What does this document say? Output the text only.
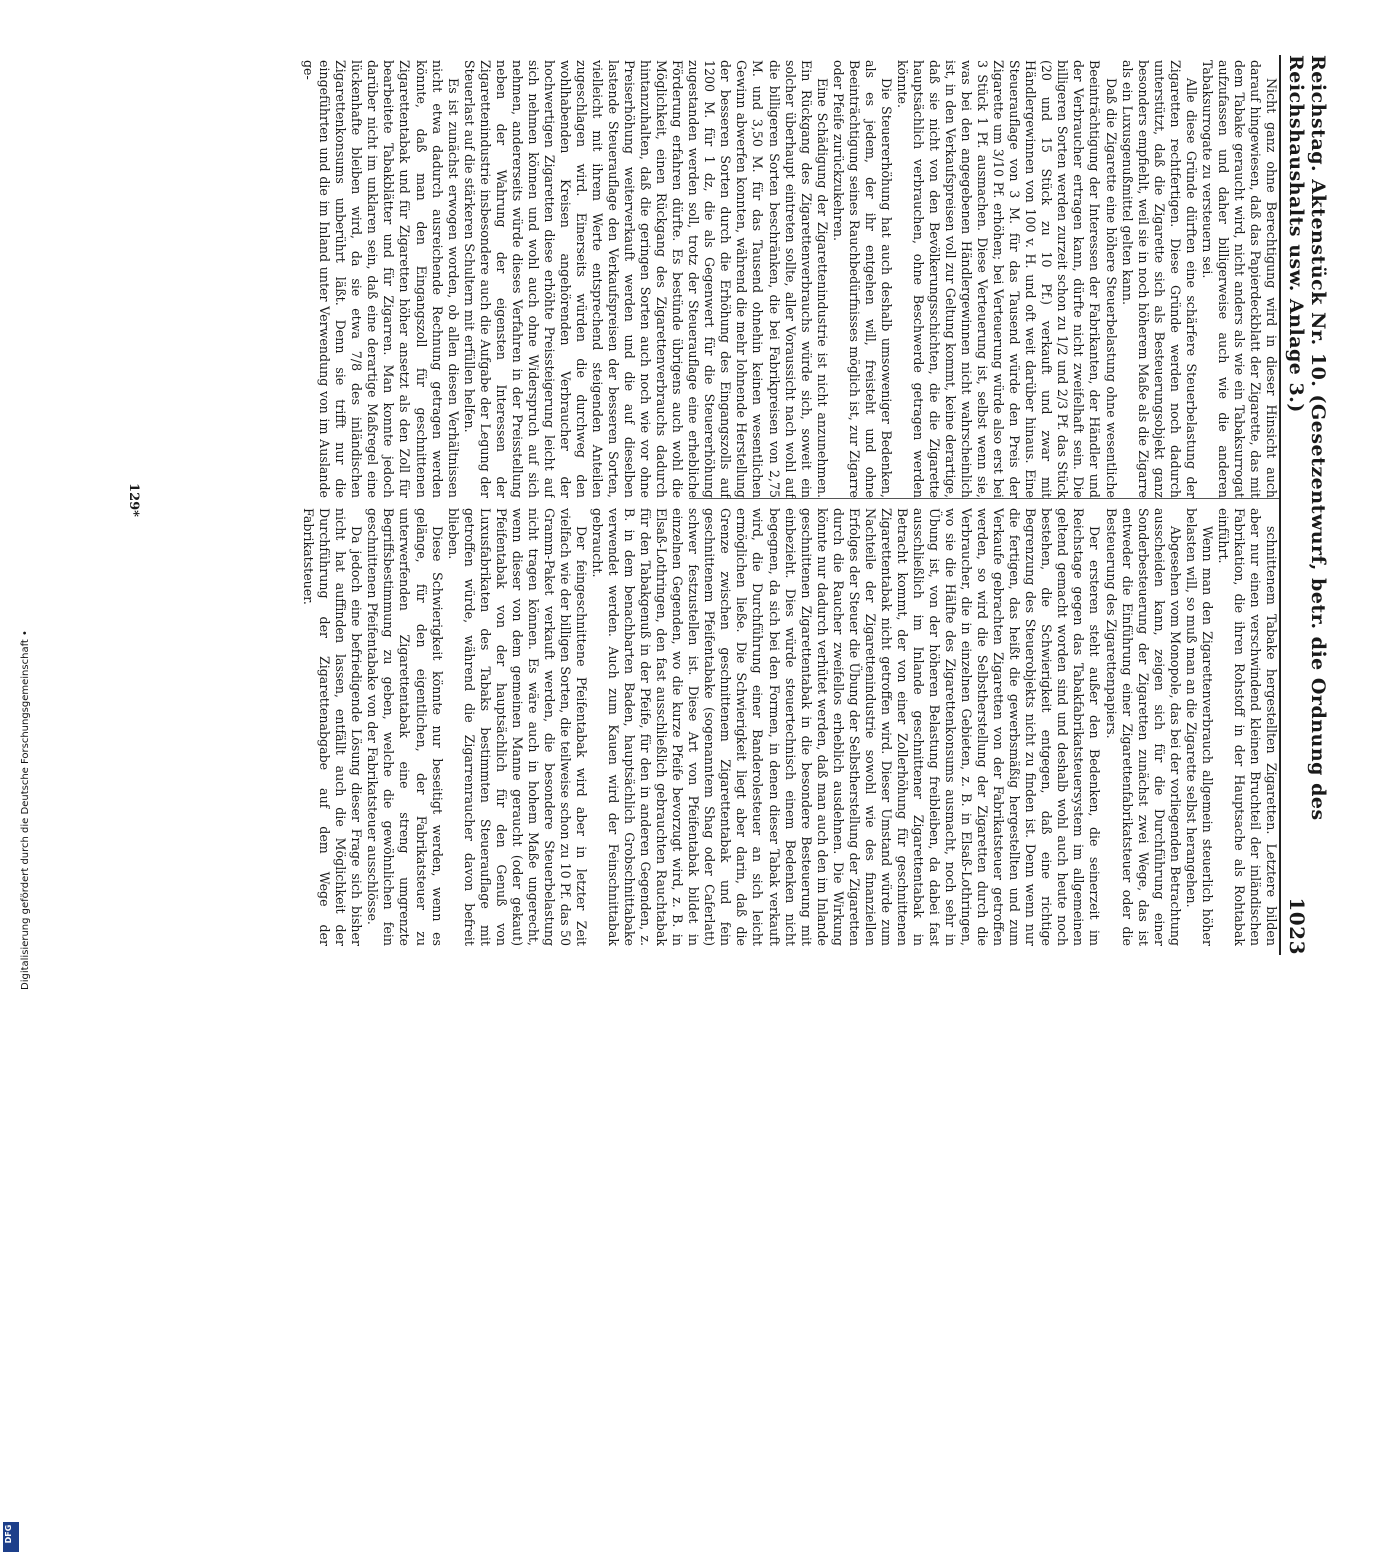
Reichstag. Aktenstück Nr. 10. (Gesetzentwurf, betr. die Ordnung des Reichshaushalts usw. Anlage 3.)
1023

Nicht ganz ohne Berechtigung wird in dieser Hinsicht auch darauf hingewiesen, daß das Papierdeckblatt der Zigarette, das mit dem Tabake geraucht wird, nicht anders als wie ein Tabaksurrogat aufzufassen und daher billigerweise auch wie die anderen Tabaksurrogate zu versteuern sei.

Alle diese Gründe dürften eine schärfere Steuerbelastung der Zigaretten rechtfertigen. Diese Gründe werden noch dadurch unterstützt, daß die Zigarette sich als Besteuerungsobjekt ganz besonders empfiehlt, weil sie in noch höherem Maße als die Zigarre als ein Luxusgenußmittel gelten kann.

Daß die Zigarette eine höhere Steuerbelastung ohne wesentliche Beeinträchtigung der Interessen der Fabrikanten, der Händler und der Verbraucher ertragen kann, dürfte nicht zweifelhaft sein. Die billigeren Sorten werden zurzeit schon zu 1/2 und 2/3 Pf. das Stück (20 und 15 Stück zu 10 Pf.) verkauft und zwar mit Händlergewinnen von 100 v. H. und oft weit darüber hinaus. Eine Steuerauflage von 3 M. für das Tausend würde den Preis der Zigarette um 3/10 Pf. erhöhen; bei Verteuerung würde also erst bei 3 Stück 1 Pf. ausmachen. Diese Verteuerung ist, selbst wenn sie, was bei den angegebenen Händlergewinnen nicht wahrscheinlich ist, in den Verkaufspreisen voll zur Geltung kommt, keine derartige, daß sie nicht von den Bevölkerungsschichten, die die Zigarette hauptsächlich verbrauchen, ohne Beschwerde getragen werden könnte.

Die Steuererhöhung hat auch deshalb umsoweniger Bedenken, als es jedem, der ihr entgehen will, freisteht und ohne Beeinträchtigung seines Rauchbedürfnisses möglich ist, zur Zigarre oder Pfeife zurückzukehren.

Eine Schädigung der Zigarettenindustrie ist nicht anzunehmen. Ein Rückgang des Zigarettenverbrauchs würde sich, soweit ein solcher überhaupt eintreten sollte, aller Voraussicht nach wohl auf die billigeren Sorten beschränken, die bei Fabrikpreisen von 2,75 M. und 3,50 M. für das Tausend ohnehin keinen wesentlichen Gewinn abwerfen konnten, während die mehr lohnende Herstellung der besseren Sorten durch die Erhöhung des Eingangszolls auf 1200 M. für 1 dz, die als Gegenwert für die Steuererhöhung zugestanden werden soll, trotz der Steuerauflage eine erhebliche Förderung erfahren dürfte. Es bestünde übrigens auch wohl die Möglichkeit, einen Rückgang des Zigarettenverbrauchs dadurch hintanzuhalten, daß die geringen Sorten auch noch wie vor ohne Preiserhöhung weiterverkauft werden und die auf dieselben lastende Steuerauflage den Verkaufspreisen der besseren Sorten, vielleicht mit ihrem Werte entsprechend steigenden Anteilen zugeschlagen wird. Einerseits würden die durchweg den wohlhabenden Kreisen angehörenden Verbraucher der hochwertigen Zigaretten diese erhöhte Preissteigerung leicht auf sich nehmen können und wohl auch ohne Widerspruch auf sich nehmen, andererseits würde dieses Verfahren in der Preisstellung neben der Wahrung der eigensten Interessen der Zigarettenindustrie insbesondere auch die Aufgabe der Legung der Steuerlast auf die stärkeren Schultern mit erfüllen helfen.

Es ist zunächst erwogen worden, ob allen diesen Verhältnissen nicht etwa dadurch ausreichende Rechnung getragen werden könnte, daß man den Eingangszoll für geschnittenen Zigarettentabak und für Zigaretten höher ansetzt als den Zoll für bearbeitete Tabakblätter und für Zigarren. Man konnte jedoch darüber nicht im unklaren sein, daß eine derartige Maßregel eine lückenhafte bleiben wird, da sie etwa 7/8 des inländischen Zigarettenkonsums unberührt läßt. Denn sie trifft nur die eingeführten und die im Inland unter Verwendung von im Auslande ge-

schnittenem Tabake hergestellten Zigaretten. Letztere bilden aber nur einen verschwindend kleinen Bruchteil der inländischen Fabrikation, die ihren Rohstoff in der Hauptsache als Rohtabak einführt.

Wenn man den Zigarettenverbrauch allgemein steuerlich höher belasten will, so muß man an die Zigarette selbst herangehen.

Abgesehen vom Monopole, das bei der vorliegenden Betrachtung ausscheiden kann, zeigen sich für die Durchführung einer Sonderbesteuerung der Zigaretten zunächst zwei Wege, das ist entweder die Einführung einer Zigarettenfabrikatsteuer oder die Besteuerung des Zigarettenpapiers.

Der ersteren steht außer den Bedenken, die seinerzeit im Reichstage gegen das Tabakfabrikatsteuersystem im allgemeinen geltend gemacht worden sind und deshalb wohl auch heute noch bestehen, die Schwierigkeit entgegen, daß eine richtige Begrenzung des Steuerobjekts nicht zu finden ist. Denn wenn nur die fertigen, das heißt die gewerbsmäßig hergestellten und zum Verkaufe gebrachten Zigaretten von der Fabrikatsteuer getroffen werden, so wird die Selbstherstellung der Zigaretten durch die Verbraucher, die in einzelnen Gebieten, z. B. in Elsaß-Lothringen, wo sie die Hälfte des Zigarettenkonsums ausmacht, noch sehr in Übung ist, von der höheren Belastung freibleiben, da dabei fast ausschließlich im Inlande geschnittener Zigarettentabak in Betracht kommt, der von einer Zollerhöhung für geschnittenen Zigarettentabak nicht getroffen wird. Dieser Umstand würde zum Nachteile der Zigarettenindustrie sowohl wie des finanziellen Erfolges der Steuer die Übung der Selbstherstellung der Zigaretten durch die Raucher zweifellos erheblich ausdehnen. Die Wirkung könnte nur dadurch verhütet werden, daß man auch den im Inlande geschnittenen Zigarettentabak in die besondere Besteuerung mit einbezieht. Dies würde steuertechnisch einem Bedenken nicht begegnen, da sich bei den Formen, in denen dieser Tabak verkauft wird, die Durchführung einer Banderolesteuer an sich leicht ermöglichen ließe. Die Schwierigkeit liegt aber darin, daß die Grenze zwischen geschnittenem Zigarettentabak und fein geschnittenem Pfeifentabake (sogenanntem Shag oder Caferlatt) schwer festzustellen ist. Diese Art von Pfeifentabak bildet in einzelnen Gegenden, wo die kurze Pfeife bevorzugt wird, z. B. in Elsaß-Lothringen, den fast ausschließlich gebrauchten Rauchtabak für den Tabakgenuß in der Pfeife, für den in anderen Gegenden, z. B. in dem benachbarten Baden, hauptsächlich Grobschnittabake verwendet werden. Auch zum Kauen wird der Feinschnittabak gebraucht.

Der feingeschnittene Pfeifentabak wird aber in letzter Zeit vielfach wie der billigen Sorten, die teilweise schon zu 10 Pf. das 50 Gramm-Paket verkauft werden, die besondere Steuerbelastung nicht tragen können. Es wäre auch in hohem Maße ungerecht, wenn dieser von dem gemeinen Manne geraucht (oder gekaut) Pfeifentabak von der hauptsächlich für den Genuß von Luxusfabrikaten des Tabaks bestimmten Steuerauflage mit getroffen würde, während die Zigarrenraucher davon befreit blieben.

Diese Schwierigkeit könnte nur beseitigt werden, wenn es gelänge, für den eigentlichen, der Fabrikatsteuer zu unterwerfenden Zigarettentabak eine streng umgrenzte Begriffsbestimmung zu geben, welche die gewöhnlichen fein geschnittenen Pfeifentabake von der Fabrikatsteuer ausschlösse.

Da jedoch eine befriedigende Lösung dieser Frage sich bisher nicht hat auffinden lassen, entfällt auch die Möglichkeit der Durchführung der Zigarettenabgabe auf dem Wege der Fabrikatsteuer.

129*
Digitalisierung gefördert durch die Deutsche Forschungsgemeinschaft •
DFG
